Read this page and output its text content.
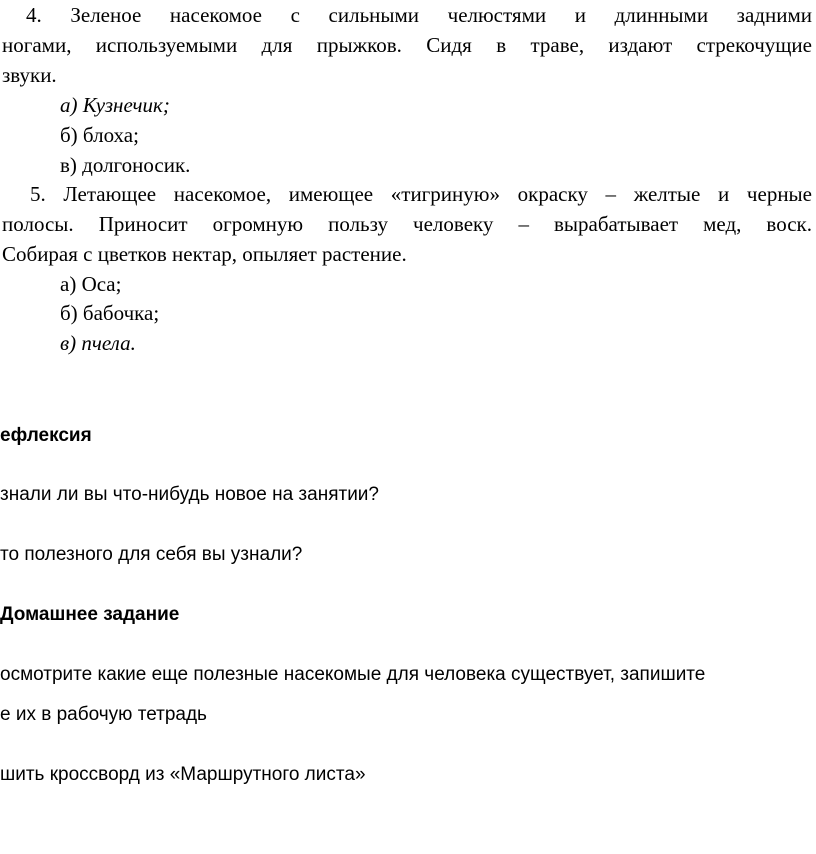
4. Зеленое насекомое с сильными челюстями и длинными задними
ногами, используемыми для прыжков. Сидя в траве, издают стрекочущие
звуки.
а) Кузнечик;
б) блоха;
в) долгоносик.
5. Летающее насекомое, имеющее «тигриную» окраску – желтые и черные
полосы. Приносит огромную пользу человеку – вырабатывает мед, воск.
Собирая с цветков нектар, опыляет растение.
а) Оса;
б) бабочка;
в) пчела.
ефлексия
знали ли вы что-нибудь новое на занятии?
то полезного для себя вы узнали?
Домашнее задание
осмотрите какие еще полезные насекомые для человека существует, запишите
е их в рабочую тетрадь
шить кроссворд из «Маршрутного листа»
